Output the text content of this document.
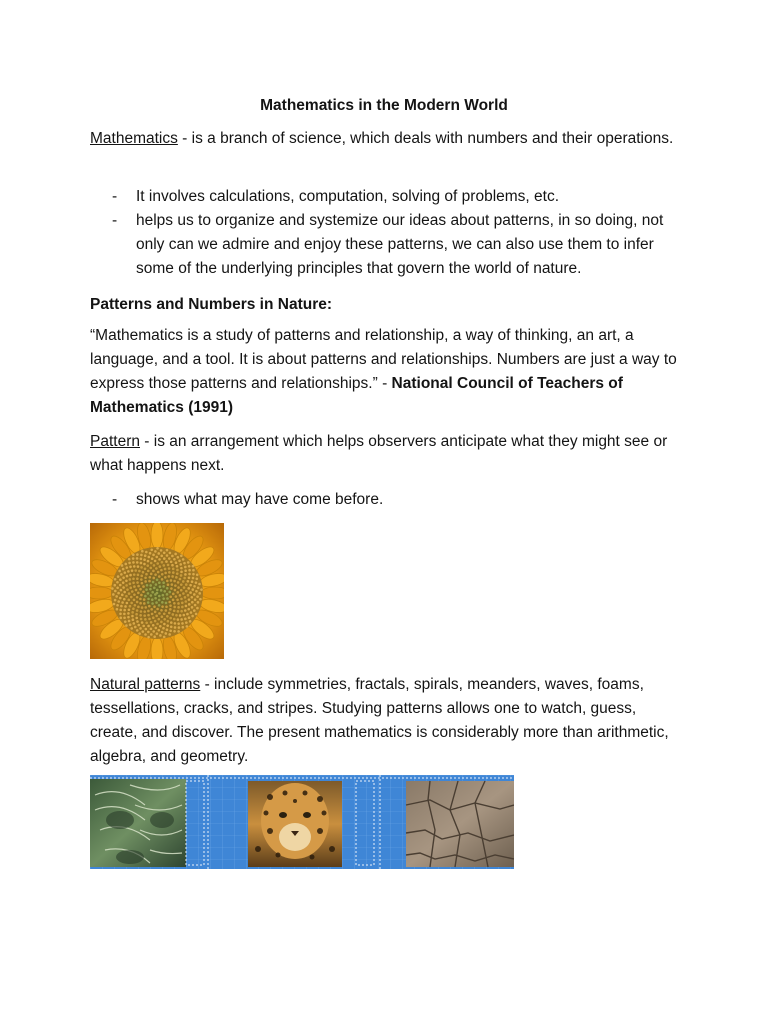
Mathematics in the Modern World
Mathematics - is a branch of science, which deals with numbers and their operations.
-	It involves calculations, computation, solving of problems, etc.
-	helps us to organize and systemize our ideas about patterns, in so doing, not only can we admire and enjoy these patterns, we can also use them to infer some of the underlying principles that govern the world of nature.
Patterns and Numbers in Nature:
“Mathematics is a study of patterns and relationship, a way of thinking, an art, a language, and a tool. It is about patterns and relationships. Numbers are just a way to express those patterns and relationships.” - National Council of Teachers of Mathematics (1991)
Pattern - is an arrangement which helps observers anticipate what they might see or what happens next.
-	shows what may have come before.
Natural patterns - include symmetries, fractals, spirals, meanders, waves, foams, tessellations, cracks, and stripes. Studying patterns allows one to watch, guess, create, and discover. The present mathematics is considerably more than arithmetic, algebra, and geometry.
